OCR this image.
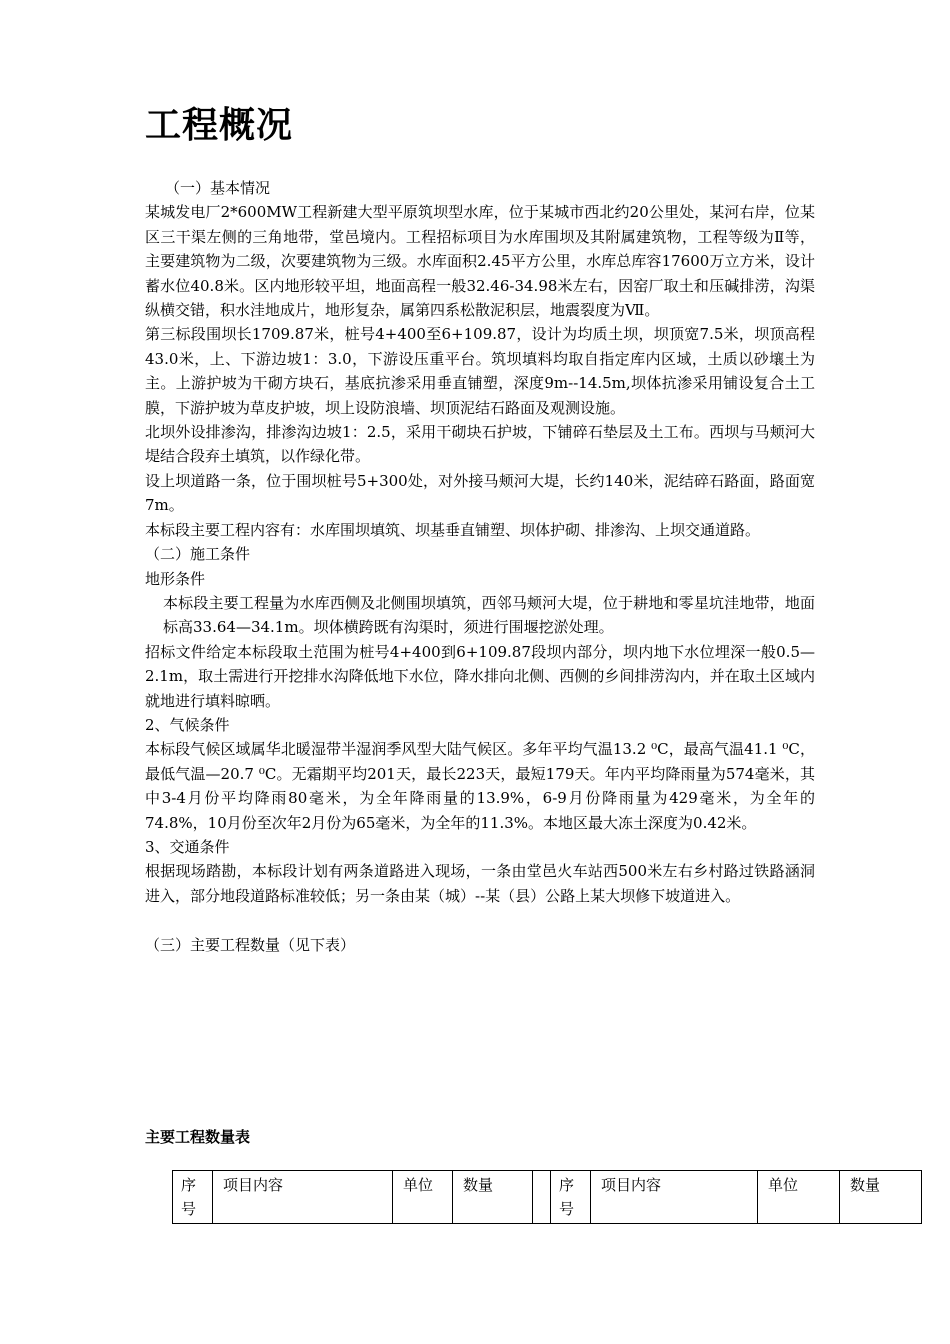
工程概况

（一）基本情况

某城发电厂2*600MW工程新建大型平原筑坝型水库，位于某城市西北约20公里处，某河右岸，位某区三干渠左侧的三角地带，堂邑境内。工程招标项目为水库围坝及其附属建筑物，工程等级为Ⅱ等，主要建筑物为二级，次要建筑物为三级。水库面积2.45平方公里，水库总库容17600万立方米，设计蓄水位40.8米。区内地形较平坦，地面高程一般32.46-34.98米左右，因窑厂取土和压碱排涝，沟渠纵横交错，积水洼地成片，地形复杂，属第四系松散泥积层，地震裂度为Ⅶ。

第三标段围坝长1709.87米，桩号4+400至6+109.87，设计为均质土坝，坝顶宽7.5米，坝顶高程43.0米，上、下游边坡1：3.0，下游设压重平台。筑坝填料均取自指定库内区域，土质以砂壤土为主。上游护坡为干砌方块石，基底抗渗采用垂直铺塑，深度9m--14.5m,坝体抗渗采用铺设复合土工膜，下游护坡为草皮护坡，坝上设防浪墙、坝顶泥结石路面及观测设施。

北坝外设排渗沟，排渗沟边坡1：2.5，采用干砌块石护坡，下铺碎石垫层及土工布。西坝与马颊河大堤结合段弃土填筑，以作绿化带。

设上坝道路一条，位于围坝桩号5+300处，对外接马颊河大堤，长约140米，泥结碎石路面，路面宽7m。

本标段主要工程内容有：水库围坝填筑、坝基垂直铺塑、坝体护砌、排渗沟、上坝交通道路。

（二）施工条件

地形条件

本标段主要工程量为水库西侧及北侧围坝填筑，西邻马颊河大堤，位于耕地和零星坑洼地带，地面标高33.64—34.1m。坝体横跨既有沟渠时，须进行围堰挖淤处理。

招标文件给定本标段取土范围为桩号4+400到6+109.87段坝内部分，坝内地下水位埋深一般0.5—2.1m，取土需进行开挖排水沟降低地下水位，降水排向北侧、西侧的乡间排涝沟内，并在取土区域内就地进行填料晾晒。

2、气候条件

本标段气候区域属华北暖湿带半湿润季风型大陆气候区。多年平均气温13.2 ⁰C，最高气温41.1 ⁰C，最低气温—20.7 ⁰C。无霜期平均201天，最长223天，最短179天。年内平均降雨量为574毫米，其中3-4月份平均降雨80毫米，为全年降雨量的13.9%，6-9月份降雨量为429毫米，为全年的74.8%，10月份至次年2月份为65毫米，为全年的11.3%。本地区最大冻土深度为0.42米。

3、交通条件

根据现场踏勘，本标段计划有两条道路进入现场，一条由堂邑火车站西500米左右乡村路过铁路涵洞进入，部分地段道路标准较低；另一条由某（城）--某（县）公路上某大坝修下坡道进入。

（三）主要工程数量（见下表）

主要工程数量表
序号	项目内容	单位	数量		序号	项目内容	单位	数量
